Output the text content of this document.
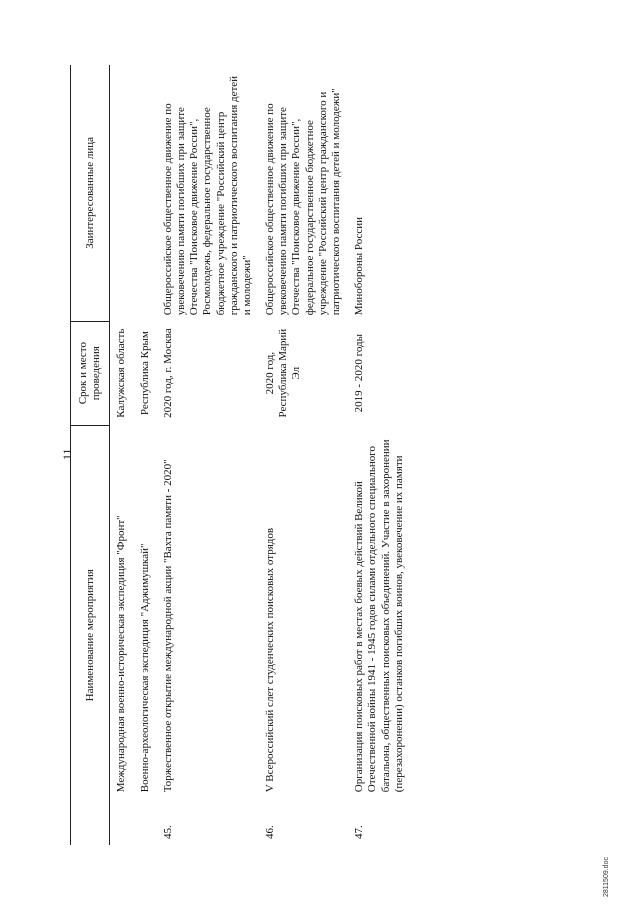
11
Наименование мероприятия		Срок и место проведения	Заинтересованные лица
	Международная военно-историческая экспедиция "Фронт"	Калужская область	
	Военно-археологическая экспедиция "Аджимушкай"	Республика Крым	
45.	Торжественное открытие международной акции "Вахта памяти - 2020"	2020 год, г. Москва	Общероссийское общественное движение по увековечению памяти погибших при защите Отечества "Поисковое движение России", Росмолодежь, федеральное государственное бюджетное учреждение "Российский центр гражданского и патриотического воспитания детей и молодежи"
46.	V Всероссийский слет студенческих поисковых отрядов	2020 год, Республика Марий Эл	Общероссийское общественное движение по увековечению памяти погибших при защите Отечества "Поисковое движение России", федеральное государственное бюджетное учреждение "Российский центр гражданского и патриотического воспитания детей и молодежи"
47.	Организация поисковых работ в местах боевых действий Великой Отечественной войны 1941 - 1945 годов силами отдельного специального батальона, общественных поисковых объединений. Участие в захоронении (перезахоронении) останков погибших воинов, увековечение их памяти	2019 - 2020 годы	Минобороны России
2811509.doc
